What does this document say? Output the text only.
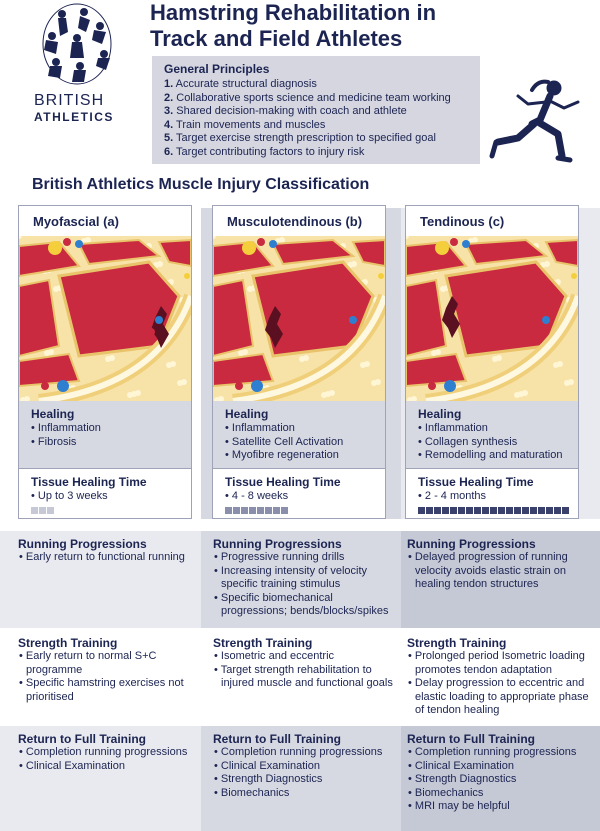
BRITISH
ATHLETICS
Hamstring Rehabilitation in Track and Field Athletes
General Principles
1. Accurate structural diagnosis
2. Collaborative sports science and medicine team working
3. Shared decision-making with coach and athlete
4. Train movements and muscles
5. Target exercise strength prescription to specified goal
6. Target contributing factors to injury risk
British Athletics Muscle Injury Classification
Myofascial (a)
Healing
• Inflammation
• Fibrosis
Tissue Healing Time
• Up to 3 weeks
Musculotendinous (b)
Healing
• Inflammation
• Satellite Cell Activation
• Myofibre regeneration
Tissue Healing Time
• 4 - 8 weeks
Tendinous (c)
Healing
• Inflammation
• Collagen synthesis
• Remodelling and maturation
Tissue Healing Time
• 2 - 4 months
Running Progressions
• Early return to functional running
Running Progressions
• Progressive running drills
• Increasing intensity of velocity specific training stimulus
• Specific biomechanical progressions; bends/blocks/spikes
Running Progressions
• Delayed progression of running velocity avoids elastic strain on healing tendon structures
Strength Training
• Early return to normal S+C programme
• Specific hamstring exercises not prioritised
Strength Training
• Isometric and eccentric
• Target strength rehabilitation to injured muscle and functional goals
Strength Training
• Prolonged period Isometric loading promotes tendon adaptation
• Delay progression to eccentric and elastic loading to appropriate phase of tendon healing
Return to Full Training
• Completion running progressions
• Clinical Examination
Return to Full Training
• Completion running progressions
• Clinical Examination
• Strength Diagnostics
• Biomechanics
Return to Full Training
• Completion running progressions
• Clinical Examination
• Strength Diagnostics
• Biomechanics
• MRI may be helpful
